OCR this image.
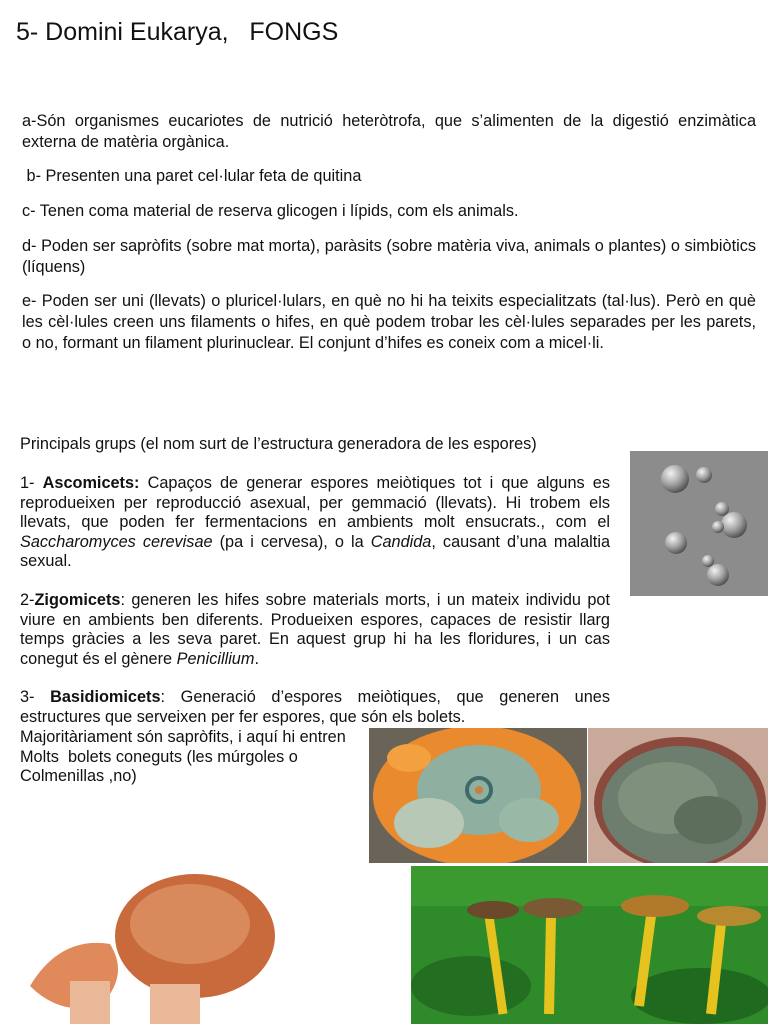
5- Domini Eukarya,   FONGS

a-Són organismes eucariotes de nutrició heteròtrofa, que s’alimenten de la digestió enzimàtica externa de matèria orgànica.

b- Presenten una paret cel·lular feta de quitina

c- Tenen coma material de reserva glicogen i lípids, com els animals.

d- Poden ser sapròfits (sobre mat morta), paràsits (sobre matèria viva, animals o plantes) o simbiòtics (líquens)

e- Poden ser uni (llevats) o pluricel·lulars, en què no hi ha teixits especialitzats (tal·lus). Però en què les cèl·lules creen uns filaments o hifes, en què podem trobar les cèl·lules separades per les parets, o no, formant un filament plurinuclear. El conjunt d’hifes es coneix com a micel·li.

Principals grups (el nom surt de l’estructura generadora de les espores)

1- Ascomicets: Capaços de generar espores meiòtiques tot i que alguns es reprodueixen per reproducció asexual, per gemmació (llevats). Hi trobem els llevats, que poden fer fermentacions en ambients molt ensucrats., com el Saccharomyces cerevisae (pa i cervesa), o la Candida, causant d’una malaltia sexual.

2-Zigomicets: generen les hifes sobre materials morts, i un mateix individu pot viure en ambients ben diferents. Produeixen espores, capaces de resistir llarg temps gràcies a les seva paret. En aquest grup hi ha les floridures, i un cas conegut és el gènere Penicillium.

3- Basidiomicets: Generació d’espores meiòtiques, que generen unes estructures que serveixen per fer espores, que són els bolets.

Majoritàriament són sapròfits, i aquí hi entren

Molts  bolets coneguts (les múrgoles o

Colmenillas ,no)
